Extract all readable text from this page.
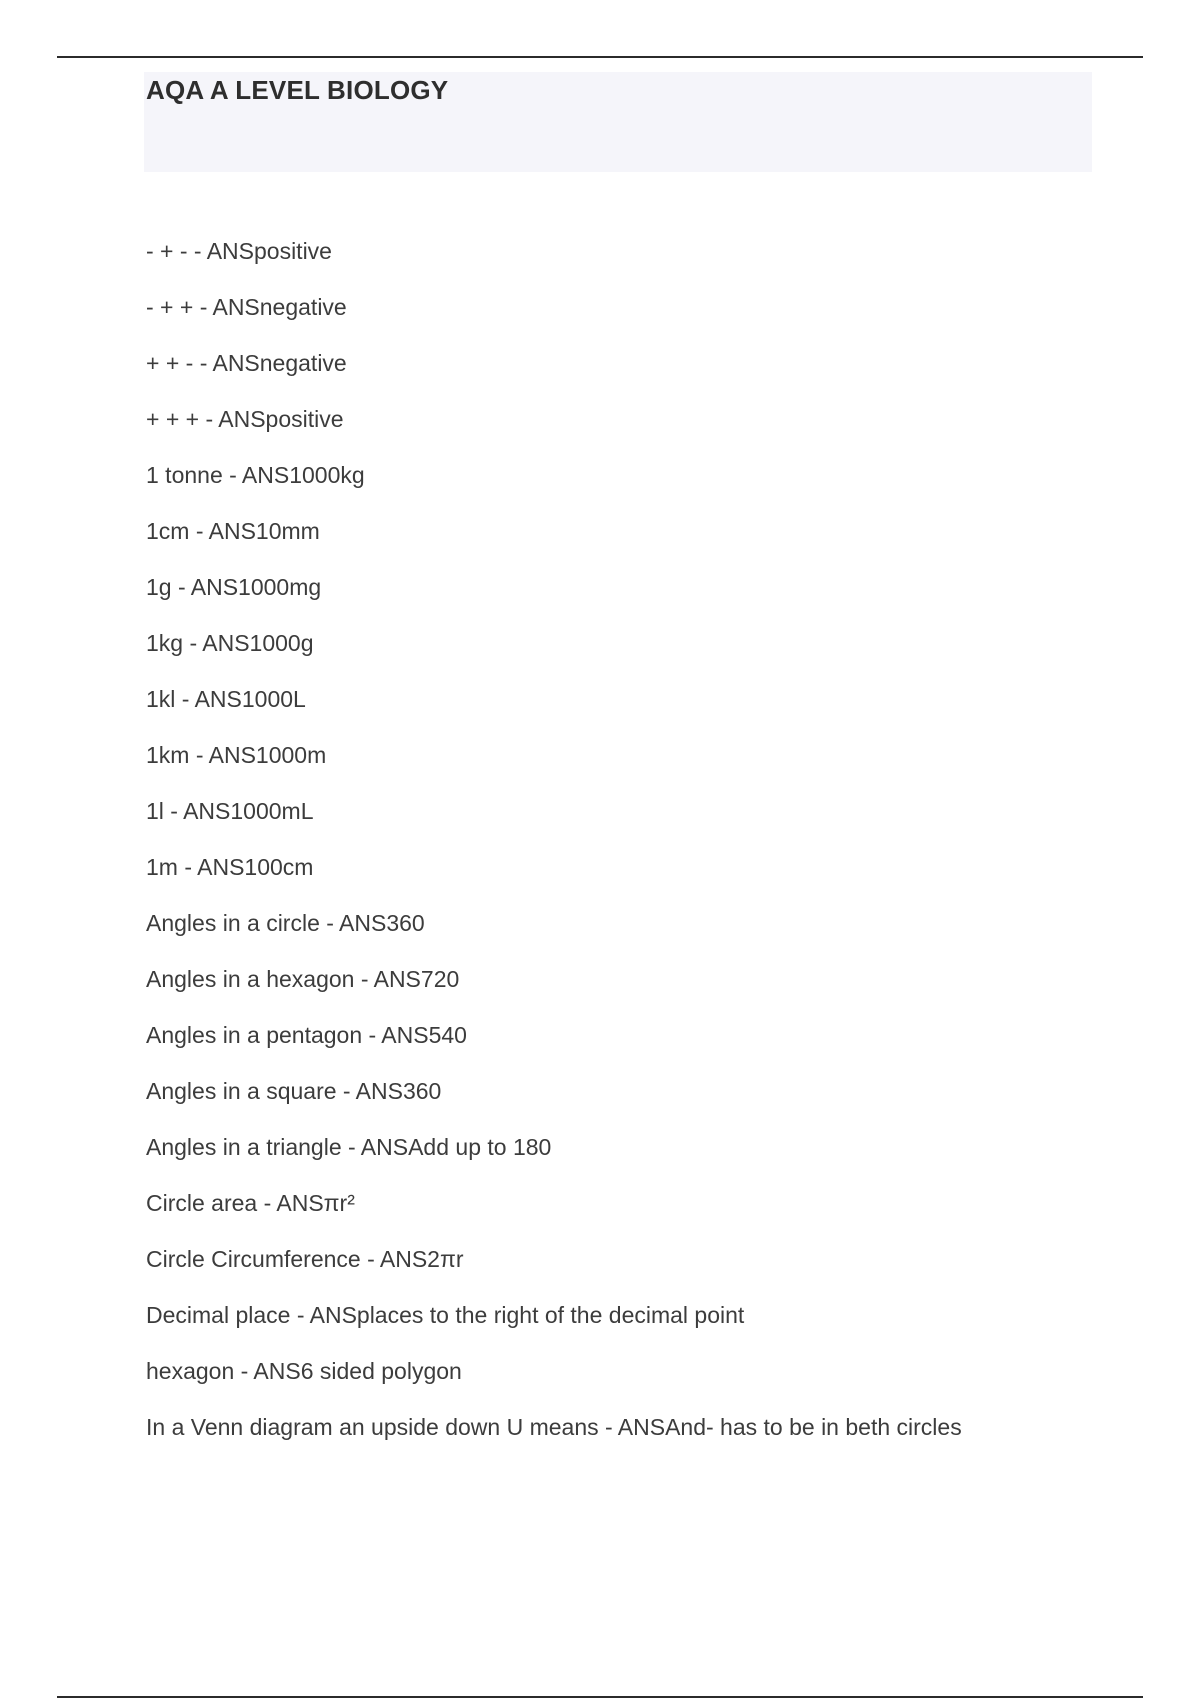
AQA A LEVEL BIOLOGY
- + - - ANSpositive
- + + - ANSnegative
+ + - - ANSnegative
+ + + - ANSpositive
1 tonne - ANS1000kg
1cm - ANS10mm
1g - ANS1000mg
1kg - ANS1000g
1kl - ANS1000L
1km - ANS1000m
1l - ANS1000mL
1m - ANS100cm
Angles in a circle - ANS360
Angles in a hexagon - ANS720
Angles in a pentagon - ANS540
Angles in a square - ANS360
Angles in a triangle - ANSAdd up to 180
Circle area - ANSπr²
Circle Circumference - ANS2πr
Decimal place - ANSplaces to the right of the decimal point
hexagon - ANS6 sided polygon
In a Venn diagram an upside down U means - ANSAnd- has to be in beth circles
